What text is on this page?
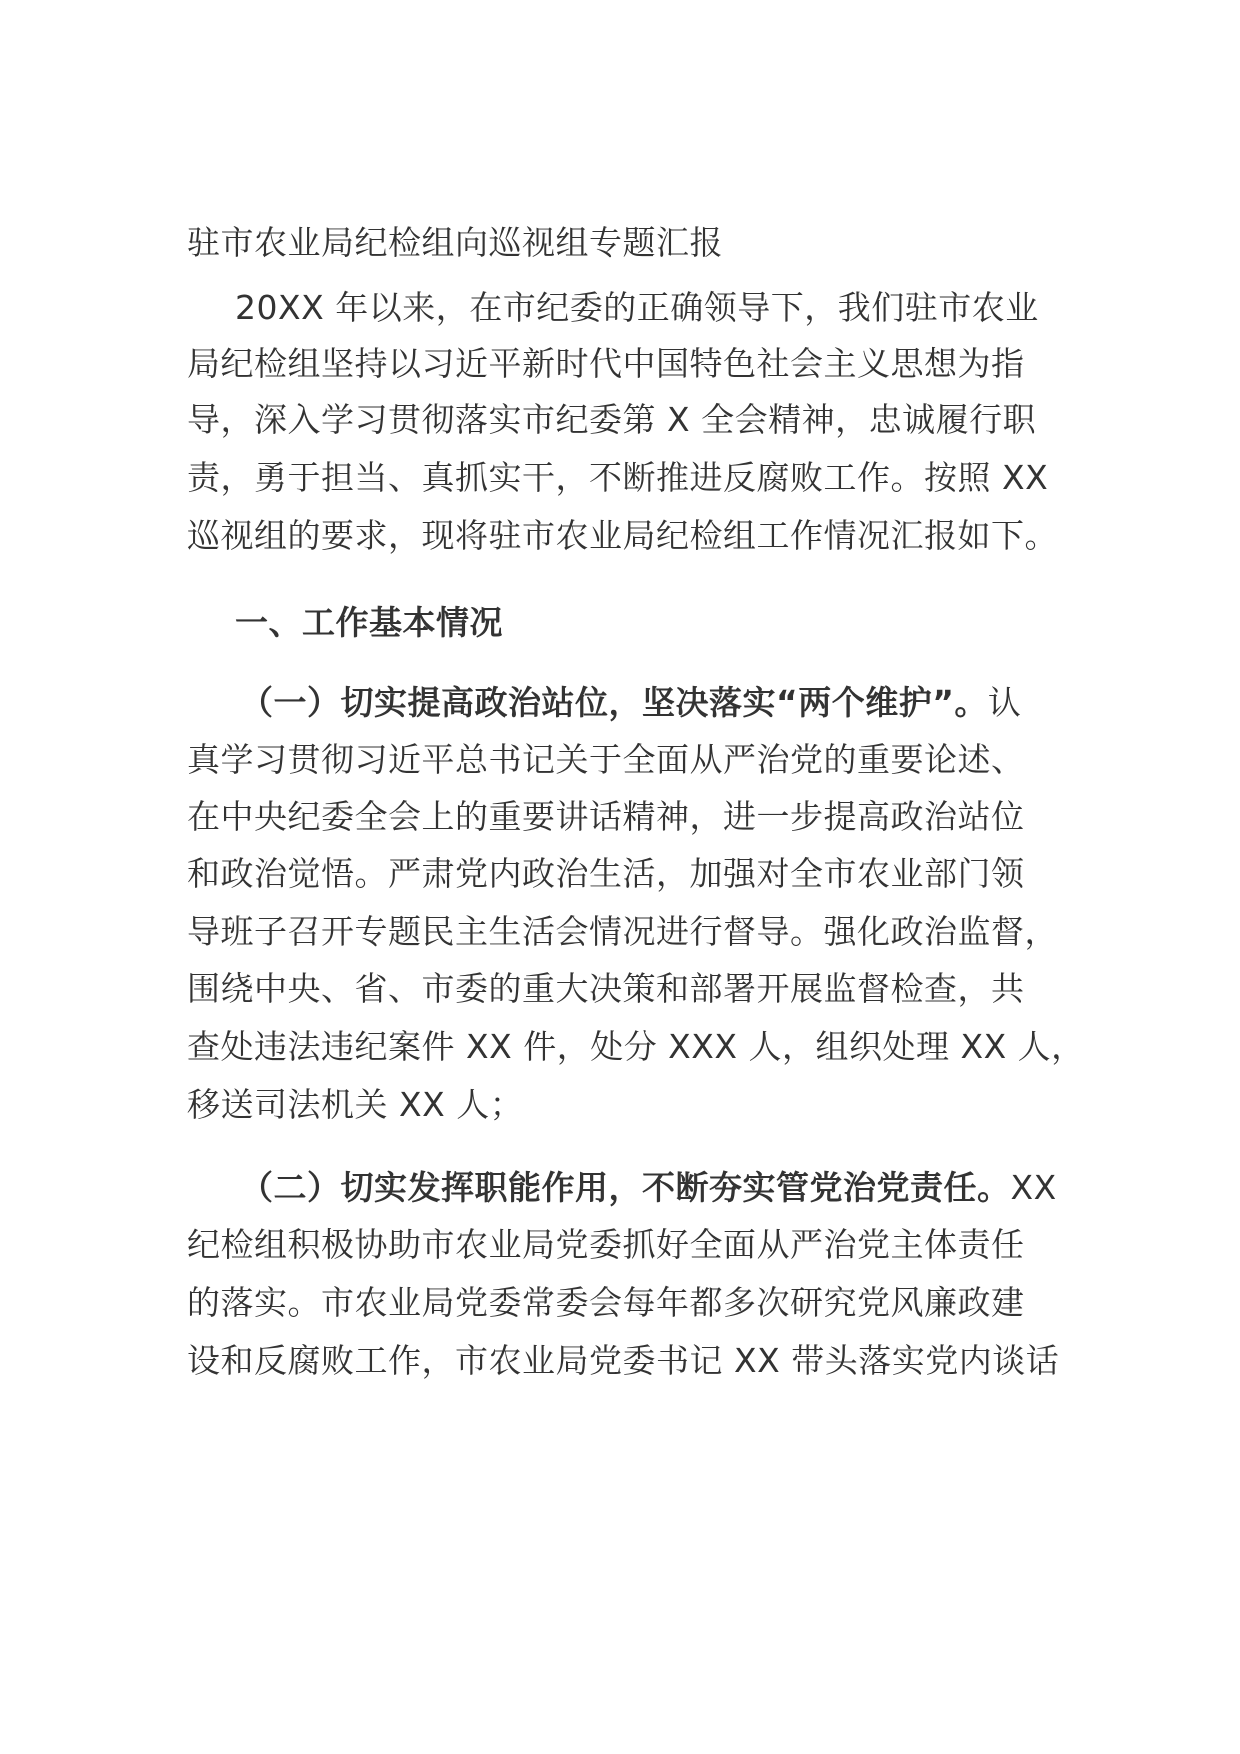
驻市农业局纪检组向巡视组专题汇报
20XX 年以来，在市纪委的正确领导下，我们驻市农业
局纪检组坚持以习近平新时代中国特色社会主义思想为指
导，深入学习贯彻落实市纪委第 X 全会精神，忠诚履行职
责，勇于担当、真抓实干，不断推进反腐败工作。按照 XX
巡视组的要求，现将驻市农业局纪检组工作情况汇报如下。
一、工作基本情况
（一）切实提高政治站位，坚决落实“两个维护”。认
真学习贯彻习近平总书记关于全面从严治党的重要论述、
在中央纪委全会上的重要讲话精神，进一步提高政治站位
和政治觉悟。严肃党内政治生活，加强对全市农业部门领
导班子召开专题民主生活会情况进行督导。强化政治监督，
围绕中央、省、市委的重大决策和部署开展监督检查，共
查处违法违纪案件 XX 件，处分 XXX 人，组织处理 XX 人，
移送司法机关 XX 人；
（二）切实发挥职能作用，不断夯实管党治党责任。XX
纪检组积极协助市农业局党委抓好全面从严治党主体责任
的落实。市农业局党委常委会每年都多次研究党风廉政建
设和反腐败工作，市农业局党委书记 XX 带头落实党内谈话
